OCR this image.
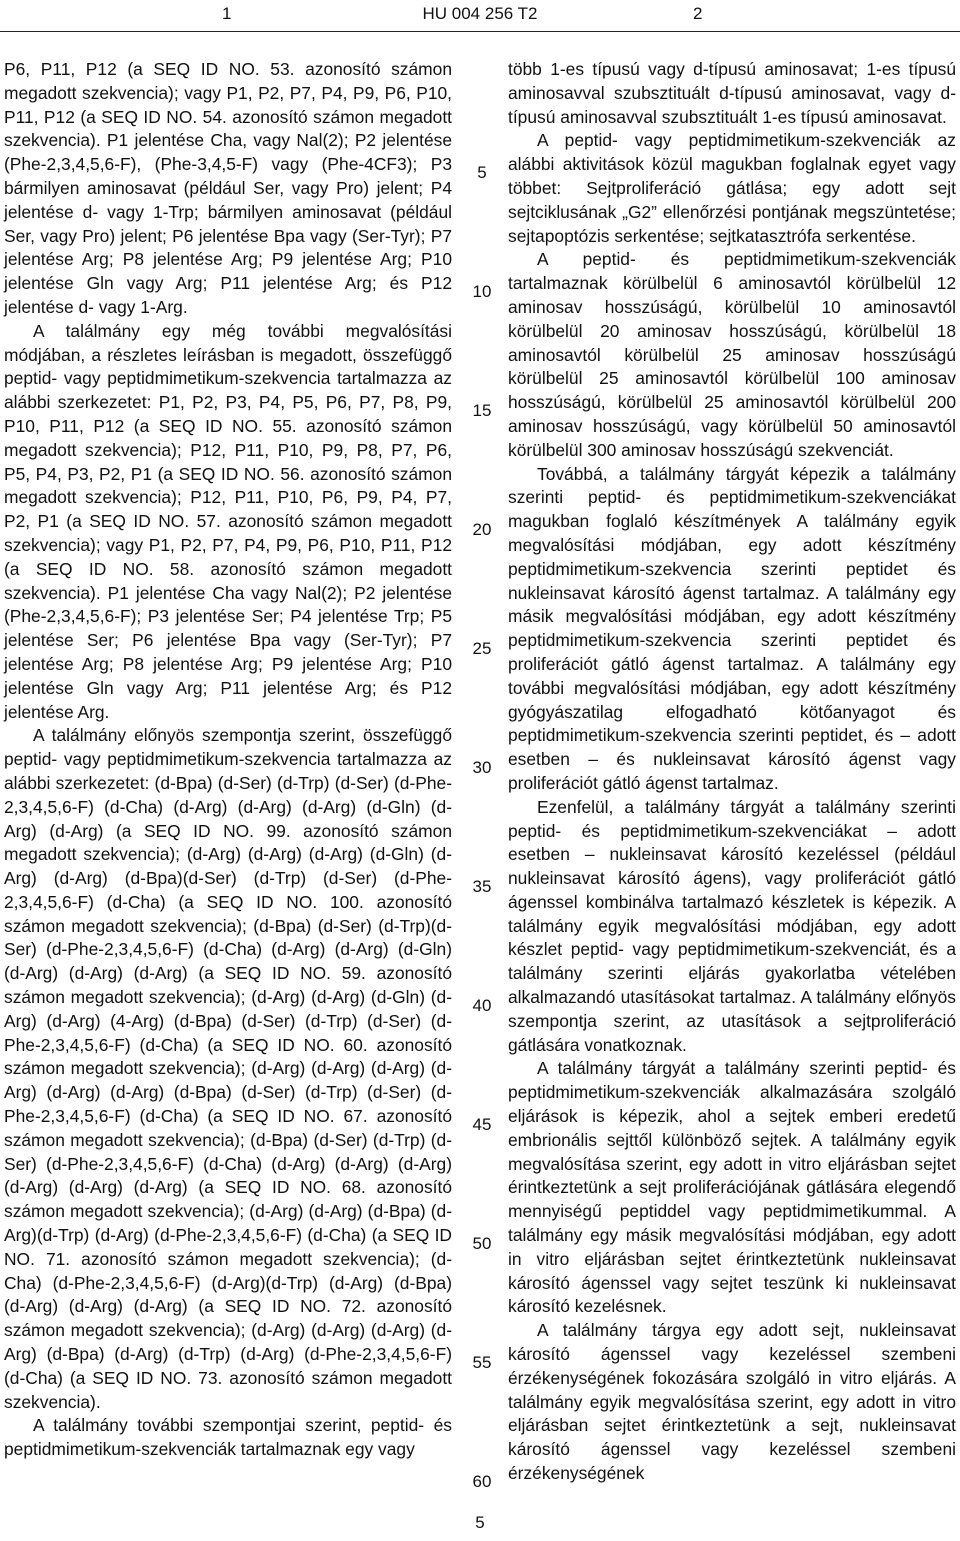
1	HU 004 256 T2	2

P6, P11, P12 (a SEQ ID NO. 53. azonosító számon megadott szekvencia); vagy P1, P2, P7, P4, P9, P6, P10, P11, P12 (a SEQ ID NO. 54. azonosító számon megadott szekvencia). P1 jelentése Cha, vagy Nal(2); P2 jelentése (Phe-2,3,4,5,6-F), (Phe-3,4,5-F) vagy (Phe-4CF3); P3 bármilyen aminosavat (például Ser, vagy Pro) jelent; P4 jelentése d- vagy 1-Trp; bármilyen aminosavat (például Ser, vagy Pro) jelent; P6 jelentése Bpa vagy (Ser-Tyr); P7 jelentése Arg; P8 jelentése Arg; P9 jelentése Arg; P10 jelentése Gln vagy Arg; P11 jelentése Arg; és P12 jelentése d- vagy 1-Arg.

A találmány egy még további megvalósítási módjában, a részletes leírásban is megadott, összefüggő peptid- vagy peptidmimetikum-szekvencia tartalmazza az alábbi szerkezetet: P1, P2, P3, P4, P5, P6, P7, P8, P9, P10, P11, P12 (a SEQ ID NO. 55. azonosító számon megadott szekvencia); P12, P11, P10, P9, P8, P7, P6, P5, P4, P3, P2, P1 (a SEQ ID NO. 56. azonosító számon megadott szekvencia); P12, P11, P10, P6, P9, P4, P7, P2, P1 (a SEQ ID NO. 57. azonosító számon megadott szekvencia); vagy P1, P2, P7, P4, P9, P6, P10, P11, P12 (a SEQ ID NO. 58. azonosító számon megadott szekvencia). P1 jelentése Cha vagy Nal(2); P2 jelentése (Phe-2,3,4,5,6-F); P3 jelentése Ser; P4 jelentése Trp; P5 jelentése Ser; P6 jelentése Bpa vagy (Ser-Tyr); P7 jelentése Arg; P8 jelentése Arg; P9 jelentése Arg; P10 jelentése Gln vagy Arg; P11 jelentése Arg; és P12 jelentése Arg.

A találmány előnyös szempontja szerint, összefüggő peptid- vagy peptidmimetikum-szekvencia tartalmazza az alábbi szerkezetet: (d-Bpa) (d-Ser) (d-Trp) (d-Ser) (d-Phe-2,3,4,5,6-F) (d-Cha) (d-Arg) (d-Arg) (d-Arg) (d-Gln) (d-Arg) (d-Arg) (a SEQ ID NO. 99. azonosító számon megadott szekvencia); (d-Arg) (d-Arg) (d-Arg) (d-Gln) (d-Arg) (d-Arg) (d-Bpa)(d-Ser) (d-Trp) (d-Ser) (d-Phe-2,3,4,5,6-F) (d-Cha) (a SEQ ID NO. 100. azonosító számon megadott szekvencia); (d-Bpa) (d-Ser) (d-Trp)(d-Ser) (d-Phe-2,3,4,5,6-F) (d-Cha) (d-Arg) (d-Arg) (d-Gln) (d-Arg) (d-Arg) (d-Arg) (a SEQ ID NO. 59. azonosító számon megadott szekvencia); (d-Arg) (d-Arg) (d-Gln) (d-Arg) (d-Arg) (4-Arg) (d-Bpa) (d-Ser) (d-Trp) (d-Ser) (d-Phe-2,3,4,5,6-F) (d-Cha) (a SEQ ID NO. 60. azonosító számon megadott szekvencia); (d-Arg) (d-Arg) (d-Arg) (d-Arg) (d-Arg) (d-Arg) (d-Bpa) (d-Ser) (d-Trp) (d-Ser) (d-Phe-2,3,4,5,6-F) (d-Cha) (a SEQ ID NO. 67. azonosító számon megadott szekvencia); (d-Bpa) (d-Ser) (d-Trp) (d-Ser) (d-Phe-2,3,4,5,6-F) (d-Cha) (d-Arg) (d-Arg) (d-Arg) (d-Arg) (d-Arg) (d-Arg) (a SEQ ID NO. 68. azonosító számon megadott szekvencia); (d-Arg) (d-Arg) (d-Bpa) (d-Arg)(d-Trp) (d-Arg) (d-Phe-2,3,4,5,6-F) (d-Cha) (a SEQ ID NO. 71. azonosító számon megadott szekvencia); (d-Cha) (d-Phe-2,3,4,5,6-F) (d-Arg)(d-Trp) (d-Arg) (d-Bpa) (d-Arg) (d-Arg) (d-Arg) (a SEQ ID NO. 72. azonosító számon megadott szekvencia); (d-Arg) (d-Arg) (d-Arg) (d-Arg) (d-Bpa) (d-Arg) (d-Trp) (d-Arg) (d-Phe-2,3,4,5,6-F) (d-Cha) (a SEQ ID NO. 73. azonosító számon megadott szekvencia).

A találmány további szempontjai szerint, peptid- és peptidmimetikum-szekvenciák tartalmaznak egy vagy

5
10
15
20
25
30
35
40
45
50
55
60

több 1-es típusú vagy d-típusú aminosavat; 1-es típusú aminosavval szubsztituált d-típusú aminosavat, vagy d-típusú aminosavval szubsztituált 1-es típusú aminosavat.

A peptid- vagy peptidmimetikum-szekvenciák az alábbi aktivitások közül magukban foglalnak egyet vagy többet: Sejtproliferáció gátlása; egy adott sejt sejtciklusának „G2” ellenőrzési pontjának megszüntetése; sejtapoptózis serkentése; sejtkatasztrófa serkentése.

A peptid- és peptidmimetikum-szekvenciák tartalmaznak körülbelül 6 aminosavtól körülbelül 12 aminosav hosszúságú, körülbelül 10 aminosavtól körülbelül 20 aminosav hosszúságú, körülbelül 18 aminosavtól körülbelül 25 aminosav hosszúságú körülbelül 25 aminosavtól körülbelül 100 aminosav hosszúságú, körülbelül 25 aminosavtól körülbelül 200 aminosav hosszúságú, vagy körülbelül 50 aminosavtól körülbelül 300 aminosav hosszúságú szekvenciát.

Továbbá, a találmány tárgyát képezik a találmány szerinti peptid- és peptidmimetikum-szekvenciákat magukban foglaló készítmények A találmány egyik megvalósítási módjában, egy adott készítmény peptidmimetikum-szekvencia szerinti peptidet és nukleinsavat károsító ágenst tartalmaz. A találmány egy másik megvalósítási módjában, egy adott készítmény peptidmimetikum-szekvencia szerinti peptidet és proliferációt gátló ágenst tartalmaz. A találmány egy további megvalósítási módjában, egy adott készítmény gyógyászatilag elfogadható kötőanyagot és peptidmimetikum-szekvencia szerinti peptidet, és – adott esetben – és nukleinsavat károsító ágenst vagy proliferációt gátló ágenst tartalmaz.

Ezenfelül, a találmány tárgyát a találmány szerinti peptid- és peptidmimetikum-szekvenciákat – adott esetben – nukleinsavat károsító kezeléssel (például nukleinsavat károsító ágens), vagy proliferációt gátló ágenssel kombinálva tartalmazó készletek is képezik. A találmány egyik megvalósítási módjában, egy adott készlet peptid- vagy peptidmimetikum-szekvenciát, és a találmány szerinti eljárás gyakorlatba vételében alkalmazandó utasításokat tartalmaz. A találmány előnyös szempontja szerint, az utasítások a sejtproliferáció gátlására vonatkoznak.

A találmány tárgyát a találmány szerinti peptid- és peptidmimetikum-szekvenciák alkalmazására szolgáló eljárások is képezik, ahol a sejtek emberi eredetű embrionális sejttől különböző sejtek. A találmány egyik megvalósítása szerint, egy adott in vitro eljárásban sejtet érintkeztetünk a sejt proliferációjának gátlására elegendő mennyiségű peptiddel vagy peptidmimetikummal. A találmány egy másik megvalósítási módjában, egy adott in vitro eljárásban sejtet érintkeztetünk nukleinsavat károsító ágenssel vagy sejtet teszünk ki nukleinsavat károsító kezelésnek.

A találmány tárgya egy adott sejt, nukleinsavat károsító ágenssel vagy kezeléssel szembeni érzékenységének fokozására szolgáló in vitro eljárás. A találmány egyik megvalósítása szerint, egy adott in vitro eljárásban sejtet érintkeztetünk a sejt, nukleinsavat károsító ágenssel vagy kezeléssel szembeni érzékenységének

5
